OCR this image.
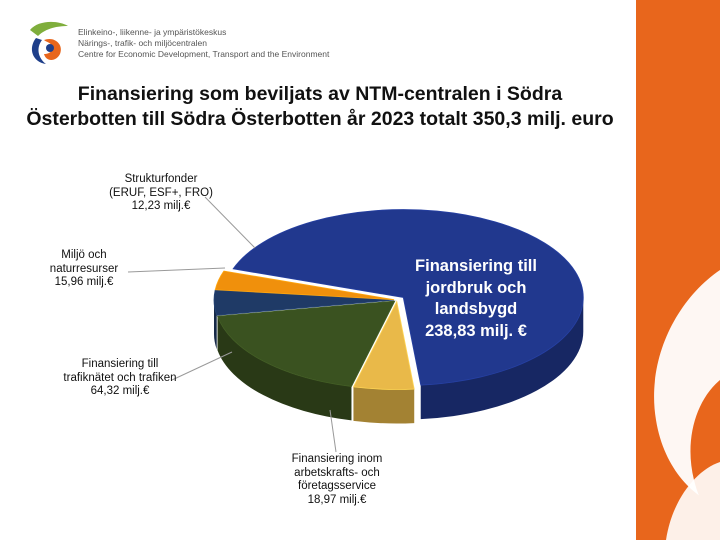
Elinkeino-, liikenne- ja ympäristökeskus
Närings-, trafik- och miljöcentralen
Centre for Economic Development, Transport and the Environment
Finansiering som beviljats av NTM-centralen i Södra
Österbotten till Södra Österbotten år 2023 totalt 350,3 milj. euro
Strukturfonder
(ERUF, ESF+, FRO)
12,23 milj.€
Miljö och
naturresurser
15,96 milj.€
Finansiering till
trafiknätet och trafiken
64,32 milj.€
Finansiering inom
arbetskrafts- och
företagsservice
18,97 milj.€
Finansiering till
jordbruk och
landsbygd
238,83 milj. €
